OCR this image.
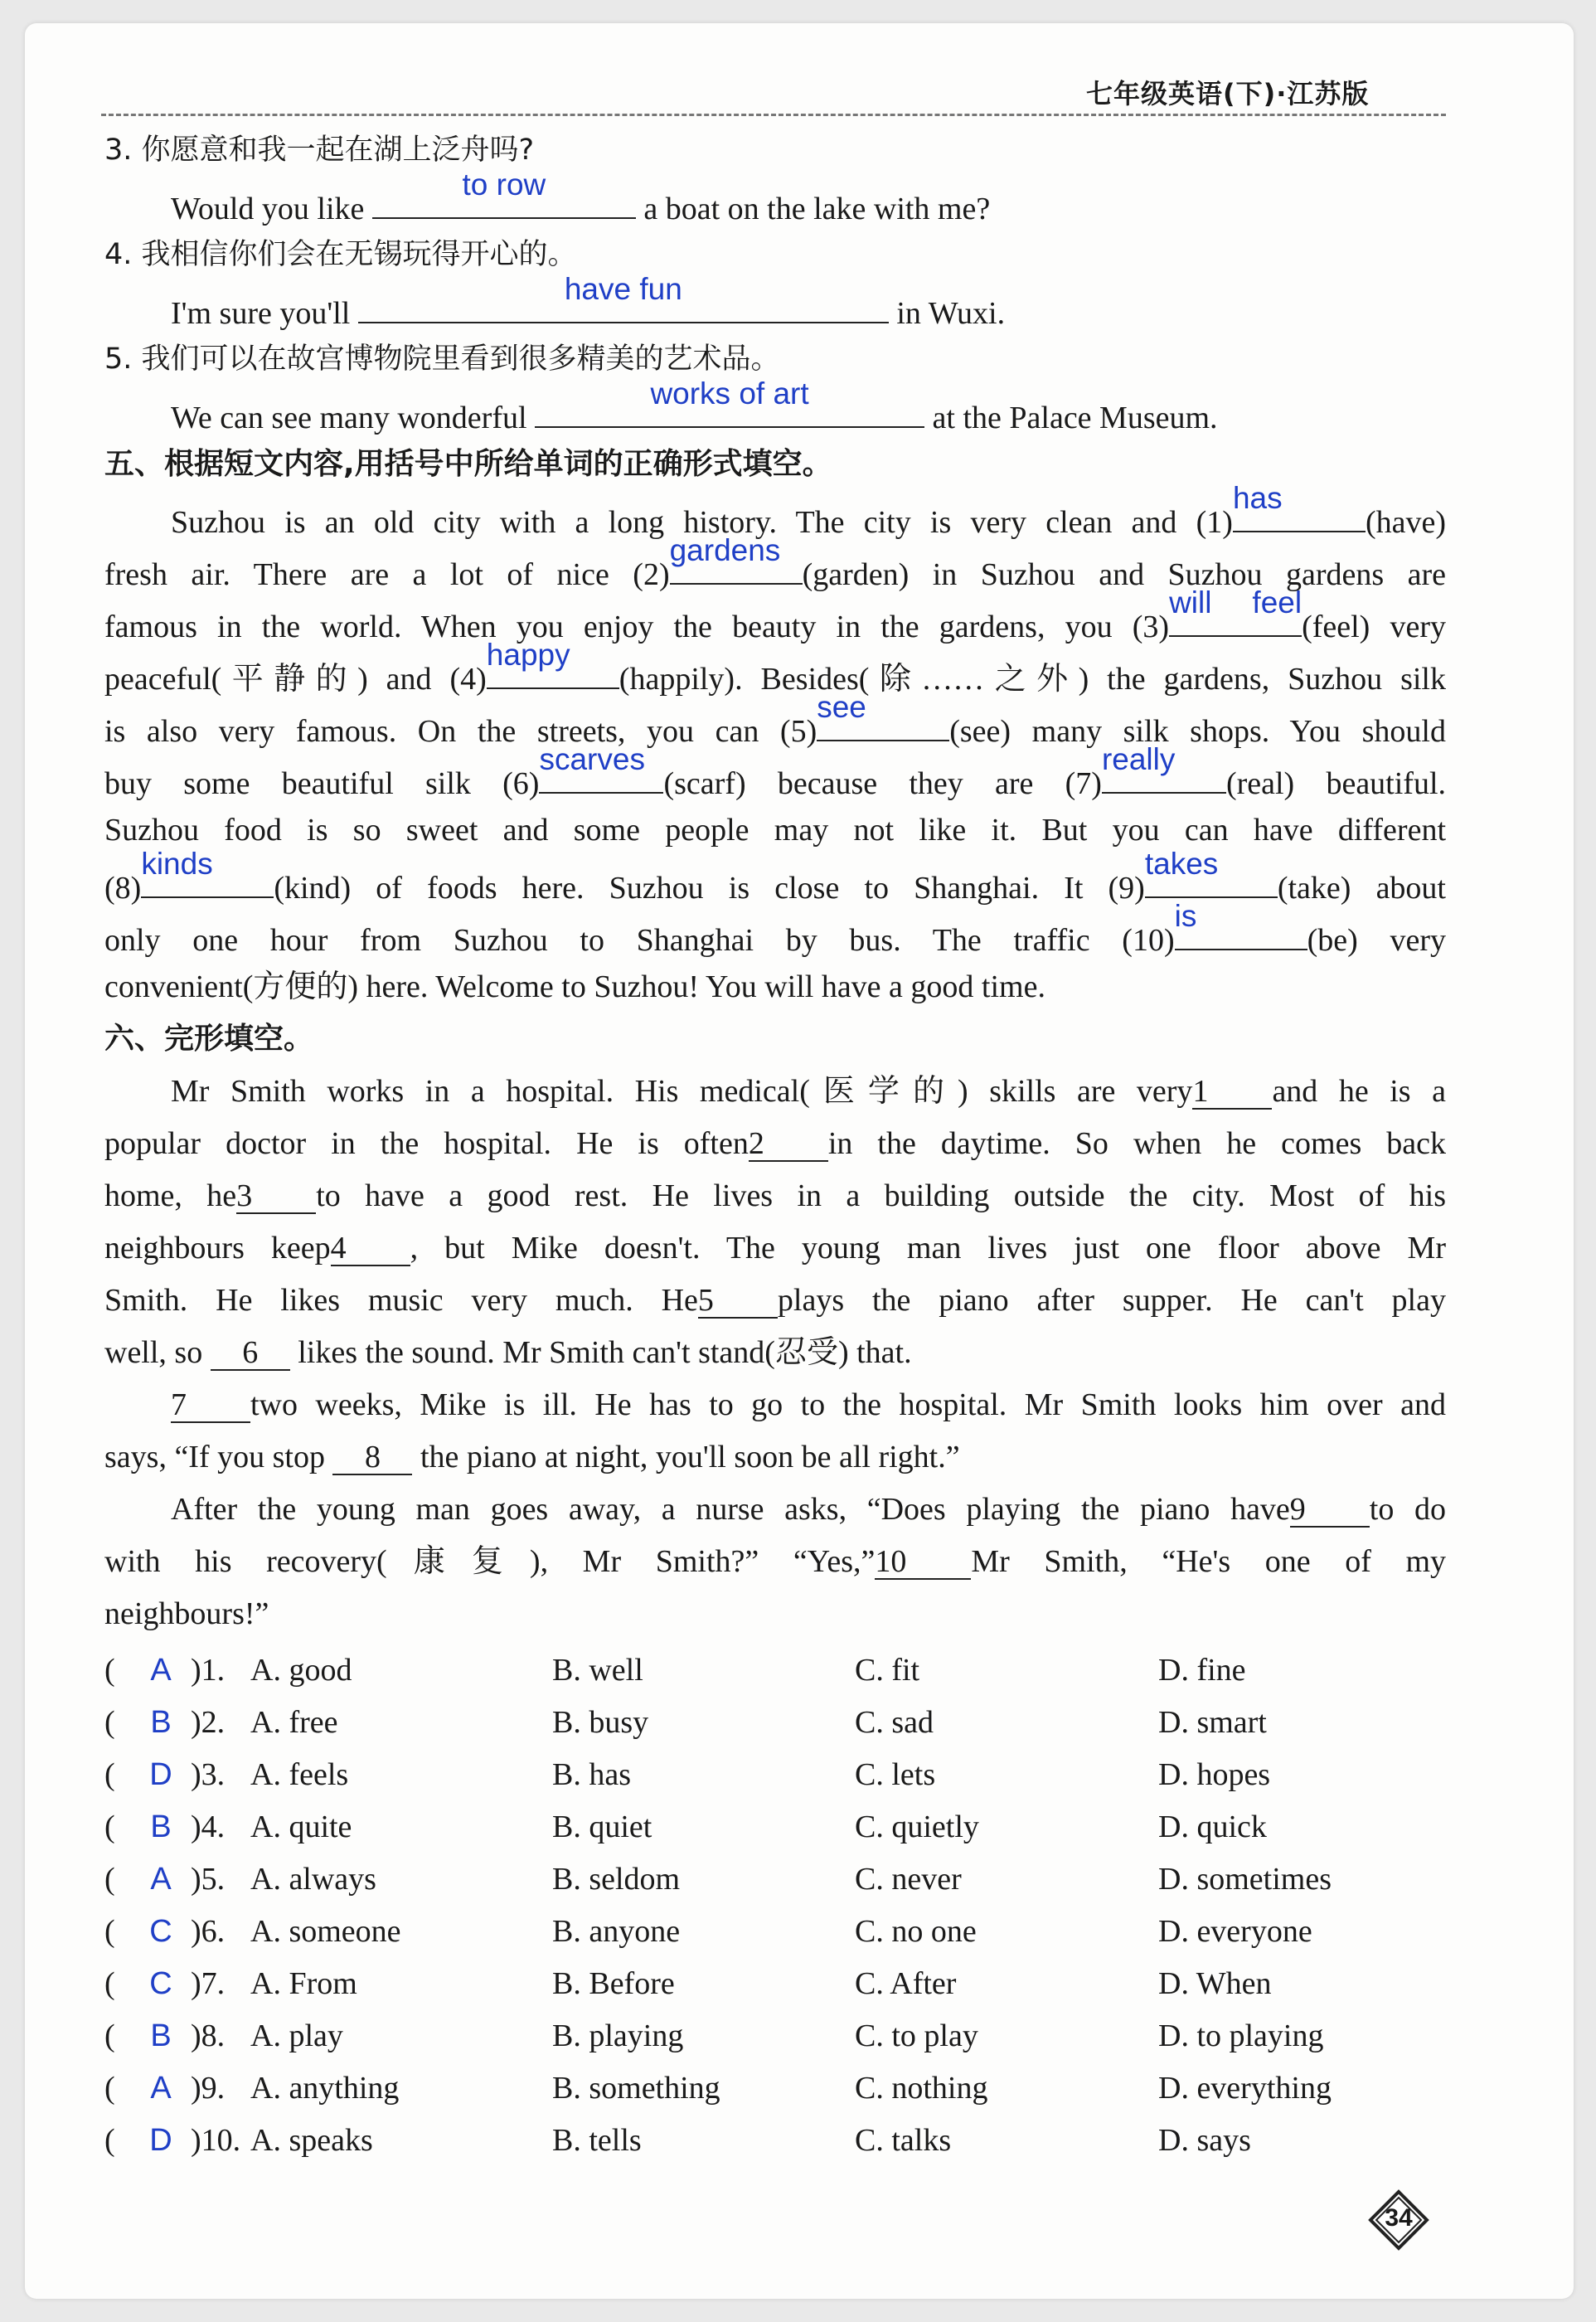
七年级英语(下)·江苏版
3. 你愿意和我一起在湖上泛舟吗?
Would you like
to row
a boat on the lake with me?
4. 我相信你们会在无锡玩得开心的。
I'm sure you'll
have fun
in Wuxi.
5. 我们可以在故宫博物院里看到很多精美的艺术品。
We can see many wonderful
works of art
at the Palace Museum.
五、根据短文内容,用括号中所给单词的正确形式填空。
Suzhou is an old city with a long history. The city is very clean and (1)
has
(have)
fresh air. There are a lot of nice (2)
gardens
(garden) in Suzhou and Suzhou gardens are
famous in the world. When you enjoy the beauty in the gardens, you (3)
will feel
(feel) very
peaceful(平静的) and (4)
happy
(happily). Besides(除……之外) the gardens, Suzhou silk
is also very famous. On the streets, you can (5)
see
(see) many silk shops. You should
buy some beautiful silk (6)
scarves
(scarf) because they are (7)
really
(real) beautiful.
Suzhou food is so sweet and some people may not like it. But you can have different
(8)
kinds
(kind) of foods here. Suzhou is close to Shanghai. It (9)
takes
(take) about
only one hour from Suzhou to Shanghai by bus. The traffic (10)
is
(be) very
convenient(方便的) here. Welcome to Suzhou! You will have a good time.
六、完形填空。
Mr Smith works in a hospital. His medical(医学的) skills are very1 and he is a
popular doctor in the hospital. He is often2 in the daytime. So when he comes back
home, he3 to have a good rest. He lives in a building outside the city. Most of his
neighbours keep4 , but Mike doesn't. The young man lives just one floor above Mr
Smith. He likes music very much. He5 plays the piano after supper. He can't play
well, so 6 likes the sound. Mr Smith can't stand(忍受) that.
7 two weeks, Mike is ill. He has to go to the hospital. Mr Smith looks him over and
says, “If you stop 8 the piano at night, you'll soon be all right.”
After the young man goes away, a nurse asks, “Does playing the piano have9 to do
with his recovery(康复), Mr Smith?” “Yes,”10 Mr Smith, “He's one of my
neighbours!”
(	A )1. A. good	B. well	C. fit	D. fine
(	B )2. A. free	B. busy	C. sad	D. smart
(	D )3. A. feels	B. has	C. lets	D. hopes
(	B )4. A. quite	B. quiet	C. quietly	D. quick
(	A )5. A. always	B. seldom	C. never	D. sometimes
(	C )6. A. someone	B. anyone	C. no one	D. everyone
(	C )7. A. From	B. Before	C. After	D. When
(	B )8. A. play	B. playing	C. to play	D. to playing
(	A )9. A. anything	B. something	C. nothing	D. everything
(	D )10. A. speaks	B. tells	C. talks	D. says
34
